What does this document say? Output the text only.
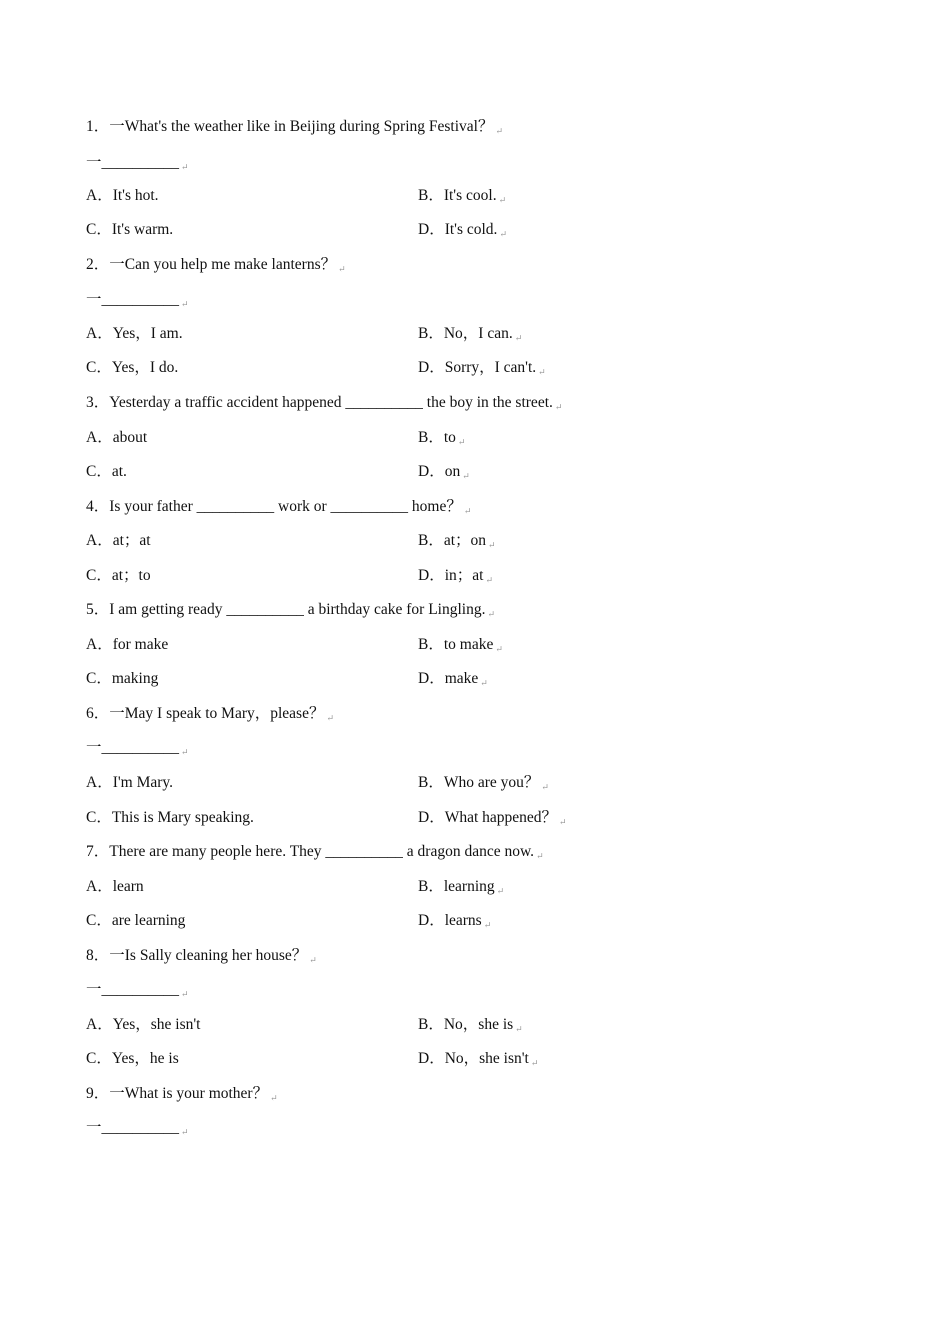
1．一What's the weather like in Beijing during Spring Festival？ ↵
一__________ ↵
A．It's hot.	B．It's cool. ↵
C．It's warm.	D．It's cold. ↵
2．一Can you help me make lanterns？ ↵
一__________ ↵
A．Yes，I am.	B．No，I can. ↵
C．Yes，I do.	D．Sorry，I can't. ↵
3．Yesterday a traffic accident happened __________ the boy in the street. ↵
A．about	B．to ↵
C．at.	D．on ↵
4．Is your father __________ work or __________ home？ ↵
A．at；at	B．at；on ↵
C．at；to	D．in；at ↵
5．I am getting ready __________ a birthday cake for Lingling. ↵
A．for make	B．to make ↵
C．making	D．make ↵
6．一May I speak to Mary，please？ ↵
一__________ ↵
A．I'm Mary.	B．Who are you？ ↵
C．This is Mary speaking.	D．What happened？ ↵
7．There are many people here. They __________ a dragon dance now. ↵
A．learn	B．learning ↵
C．are learning	D．learns ↵
8．一Is Sally cleaning her house？ ↵
一__________ ↵
A．Yes，she isn't	B．No，she is ↵
C．Yes，he is	D．No，she isn't ↵
9．一What is your mother？ ↵
一__________ ↵
